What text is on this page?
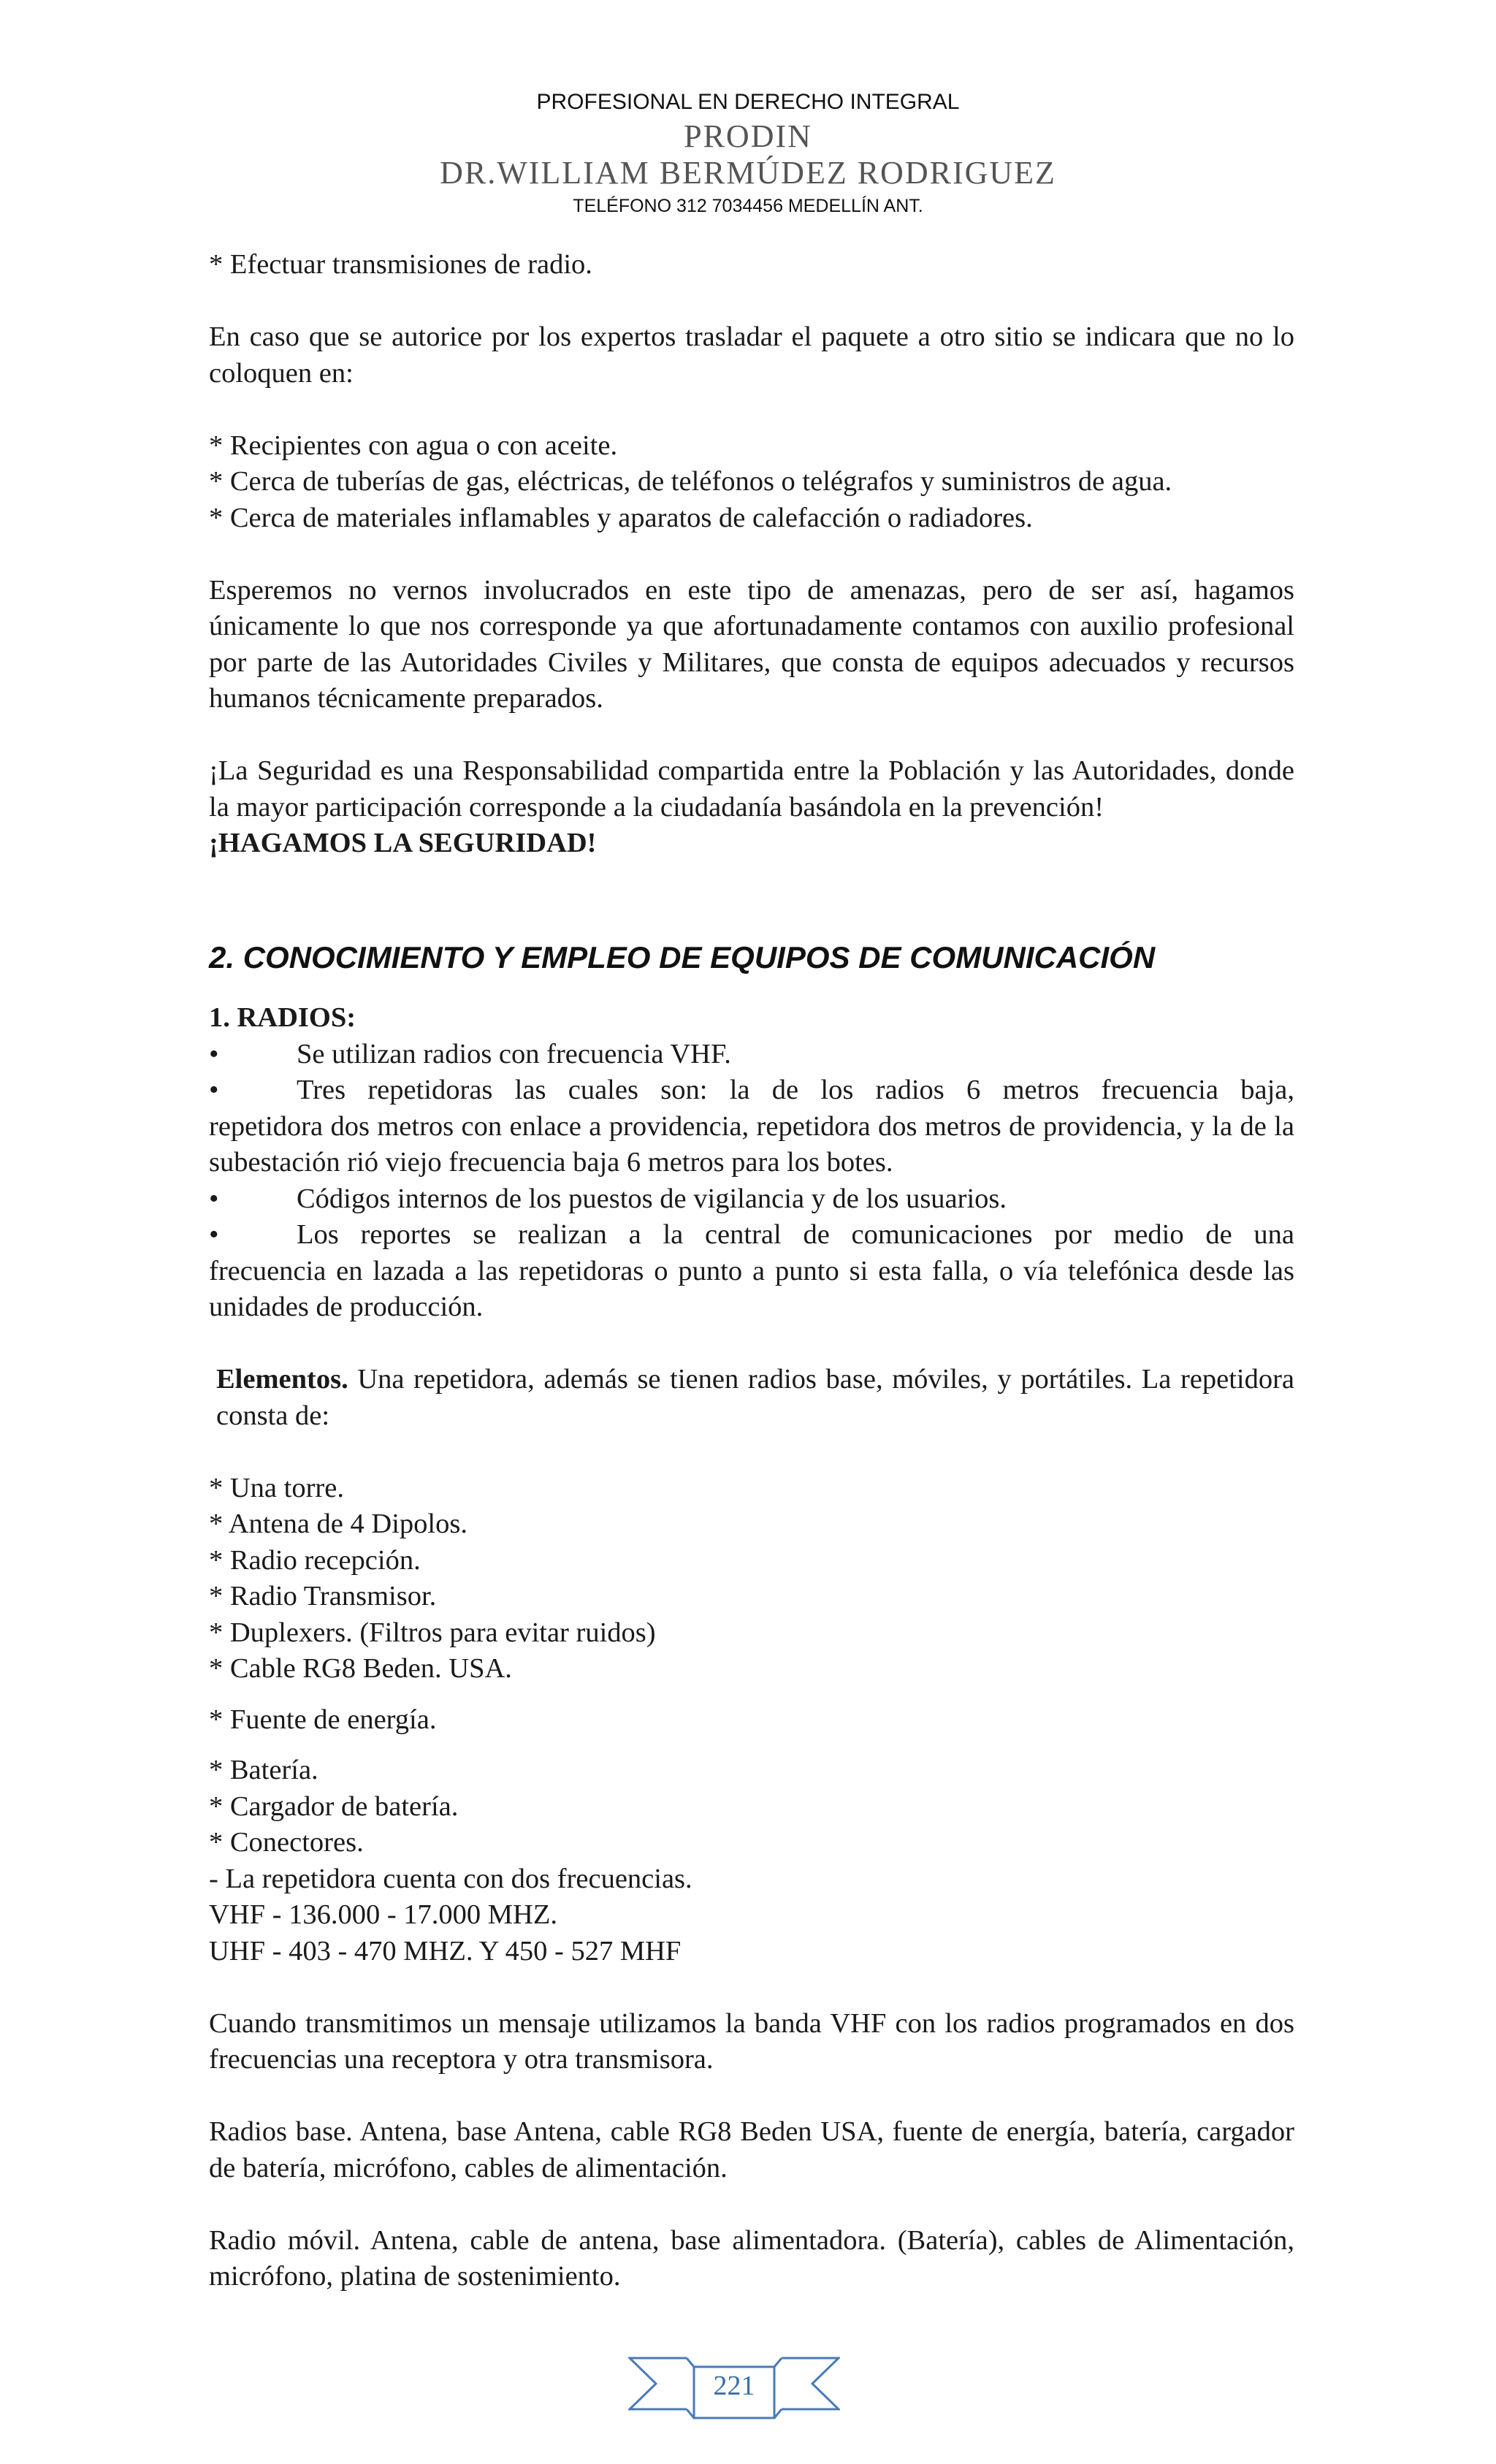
PROFESIONAL EN DERECHO INTEGRAL
PRODIN
DR.WILLIAM BERMÚDEZ RODRIGUEZ
TELÉFONO 312 7034456 MEDELLÍN ANT.

* Efectuar transmisiones de radio.

En caso que se autorice por los expertos trasladar el paquete a otro sitio se indicara que no lo coloquen en:

* Recipientes con agua o con aceite.

* Cerca de tuberías de gas, eléctricas, de teléfonos o telégrafos y suministros de agua.

* Cerca de materiales inflamables y aparatos de calefacción o radiadores.

Esperemos no vernos involucrados en este tipo de amenazas, pero de ser así, hagamos únicamente lo que nos corresponde ya que afortunadamente contamos con auxilio profesional por parte de las Autoridades Civiles y Militares, que consta de equipos adecuados y recursos humanos técnicamente preparados.

¡La Seguridad es una Responsabilidad compartida entre la Población y las Autoridades, donde la mayor participación corresponde a la ciudadanía basándola en la prevención!

¡HAGAMOS LA SEGURIDAD!

2. CONOCIMIENTO Y EMPLEO DE EQUIPOS DE COMUNICACIÓN

1. RADIOS:

•	Se utilizan radios con frecuencia VHF.
•	Tres repetidoras las cuales son: la de los radios 6 metros frecuencia baja,

repetidora dos metros con enlace a providencia, repetidora dos metros de providencia, y la de la subestación rió viejo frecuencia baja 6 metros para los botes.

•	Códigos internos de los puestos de vigilancia y de los usuarios.
•	Los reportes se realizan a la central de comunicaciones por medio de una

frecuencia en lazada a las repetidoras o punto a punto si esta falla, o vía telefónica desde las unidades de producción.

Elementos. Una repetidora, además se tienen radios base, móviles, y portátiles. La repetidora consta de:

* Una torre.

* Antena de 4 Dipolos.

* Radio recepción.

* Radio Transmisor.

* Duplexers. (Filtros para evitar ruidos)

* Cable RG8 Beden. USA.

* Fuente de energía.

* Batería.

* Cargador de batería.

* Conectores.

- La repetidora cuenta con dos frecuencias.

VHF - 136.000 - 17.000 MHZ.

UHF - 403 - 470 MHZ. Y 450 - 527 MHF

Cuando transmitimos un mensaje utilizamos la banda VHF con los radios programados en dos frecuencias una receptora y otra transmisora.

Radios base. Antena, base Antena, cable RG8 Beden USA, fuente de energía, batería, cargador de batería, micrófono, cables de alimentación.

Radio móvil. Antena, cable de antena, base alimentadora. (Batería), cables de Alimentación, micrófono, platina de sostenimiento.

221
